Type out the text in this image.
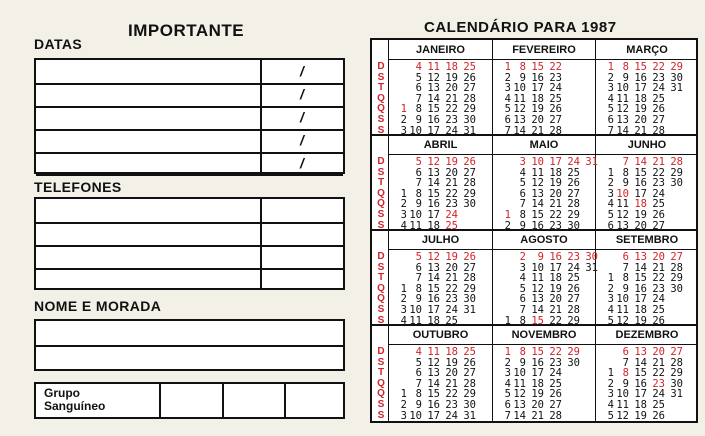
IMPORTANTE
DATAS
/
/
/
/
/
TELEFONES
NOME E MORADA
Grupo
Sanguíneo
CALENDÁRIO PARA 1987
D
S
T
Q
Q
S
S
D
S
T
Q
Q
S
S
D
S
T
Q
Q
S
S
D
S
T
Q
Q
S
S
JANEIRO
4 11 18 25
5 12 19 26
6 13 20 27
7 14 21 28
1 8 15 22 29
2 9 16 23 30
3 10 17 24 31
FEVEREIRO
1 8 15 22
2 9 16 23
3 10 17 24
4 11 18 25
5 12 19 26
6 13 20 27
7 14 21 28
MARÇO
1 8 15 22 29
2 9 16 23 30
3 10 17 24 31
4 11 18 25
5 12 19 26
6 13 20 27
7 14 21 28
ABRIL
5 12 19 26
6 13 20 27
7 14 21 28
1 8 15 22 29
2 9 16 23 30
3 10 17 24
4 11 18 25
MAIO
3 10 17 24 31
4 11 18 25
5 12 19 26
6 13 20 27
7 14 21 28
1 8 15 22 29
2 9 16 23 30
JUNHO
7 14 21 28
1 8 15 22 29
2 9 16 23 30
3 10 17 24
4 11 18 25
5 12 19 26
6 13 20 27
JULHO
5 12 19 26
6 13 20 27
7 14 21 28
1 8 15 22 29
2 9 16 23 30
3 10 17 24 31
4 11 18 25
AGOSTO
2	9 16 23 30
3 10 17 24 31
4 11 18 25
5 12 19 26
6 13 20 27
7 14 21 28
1 8 15 22 29
SETEMBRO
6 13 20 27
7 14 21 28
1 8 15 22 29
2 9 16 23 30
3 10 17 24
4 11 18 25
5 12 19 26
OUTUBRO
4 11 18 25
5 12 19 26
6 13 20 27
7 14 21 28
1 8 15 22 29
2 9 16 23 30
3 10 17 24 31
NOVEMBRO
1 8 15 22 29
2 9 16 23 30
3 10 17 24
4 11 18 25
5 12 19 26
6 13 20 27
7 14 21 28
DEZEMBRO
6 13 20 27
7 14 21 28
1 8 15 22 29
2 9 16 23 30
3 10 17 24 31
4 11 18 25
5 12 19 26
